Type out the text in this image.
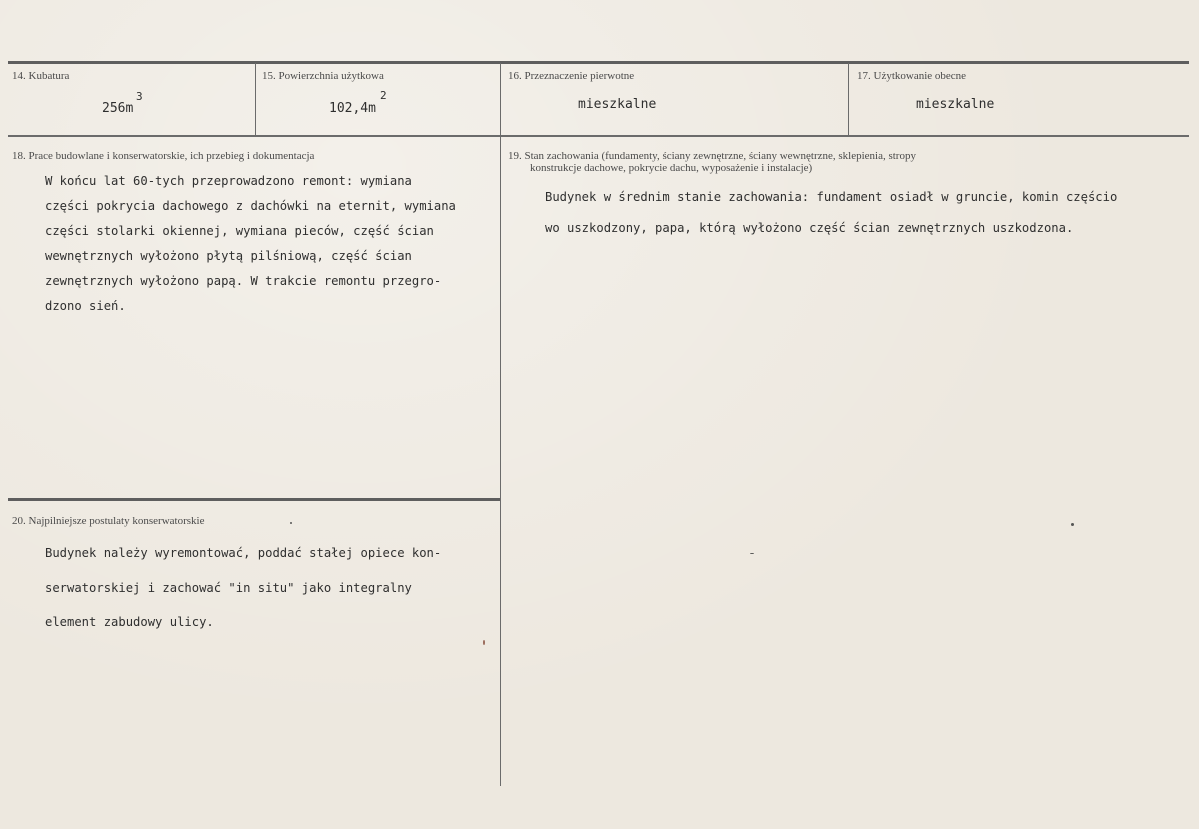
14. Kubatura
256m
3
15. Powierzchnia użytkowa
102,4m
2
16. Przeznaczenie pierwotne
mieszkalne
17. Użytkowanie obecne
mieszkalne
18. Prace budowlane i konserwatorskie, ich przebieg i dokumentacja
W końcu lat 60-tych przeprowadzono remont: wymiana
części pokrycia dachowego z dachówki na eternit, wymiana
części stolarki okiennej, wymiana pieców, część ścian
wewnętrznych wyłożono płytą pilśniową, część ścian
zewnętrznych wyłożono papą. W trakcie remontu przegro-
dzono sień.
19. Stan zachowania (fundamenty, ściany zewnętrzne, ściany wewnętrzne, sklepienia, stropy
konstrukcje dachowe, pokrycie dachu, wyposażenie i instalacje)
Budynek w średnim stanie zachowania: fundament osiadł w gruncie, komin częścio
wo uszkodzony, papa, którą wyłożono część ścian zewnętrznych uszkodzona.
20. Najpilniejsze postulaty konserwatorskie
Budynek należy wyremontować, poddać stałej opiece kon-
serwatorskiej i zachować "in situ" jako integralny
element zabudowy ulicy.
